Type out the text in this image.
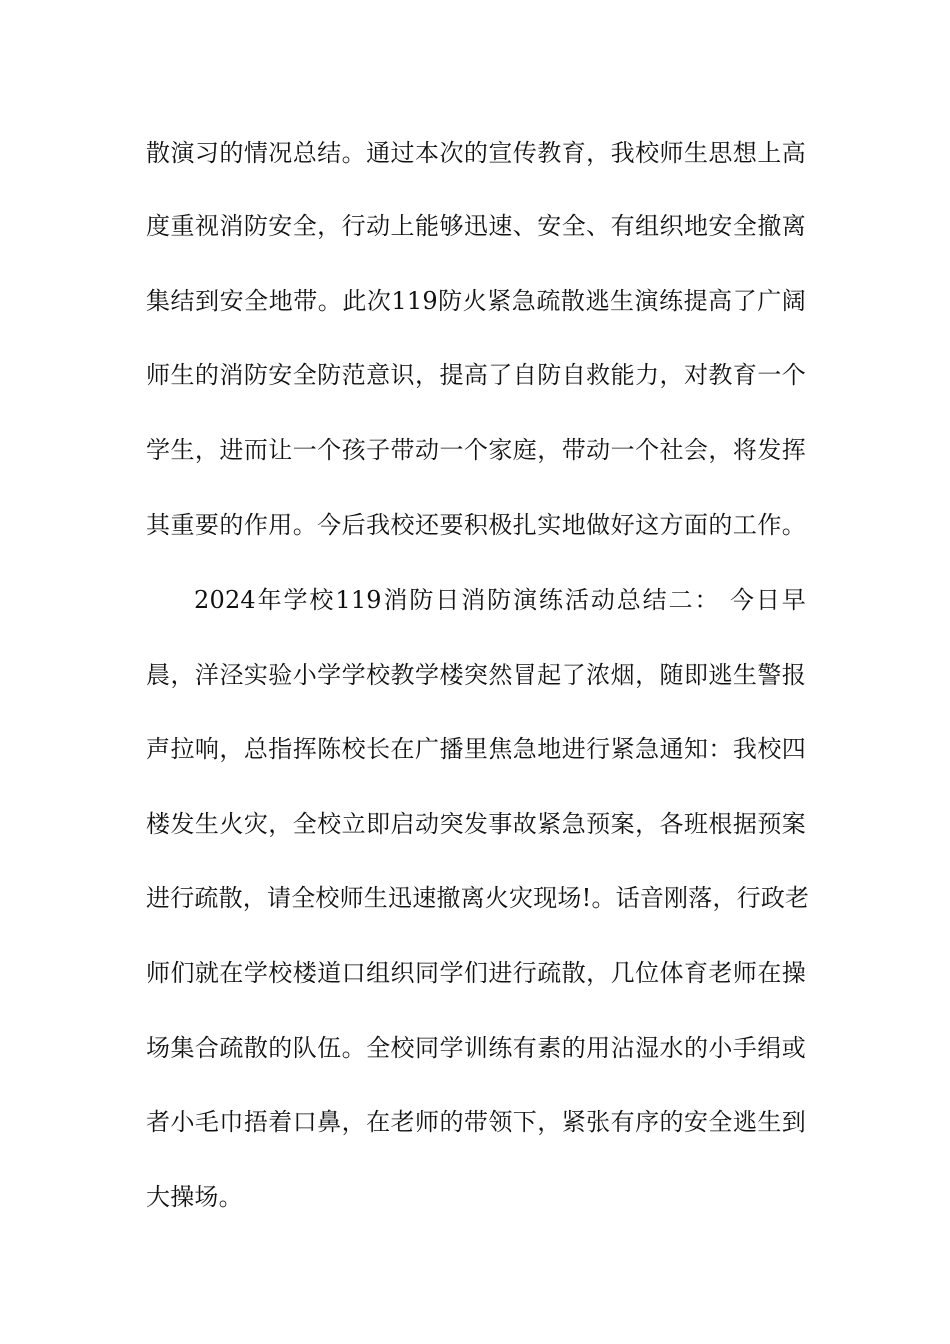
散演习的情况总结。通过本次的宣传教育，我校师生思想上高
度重视消防安全，行动上能够迅速、安全、有组织地安全撤离
集结到安全地带。此次119防火紧急疏散逃生演练提高了广阔
师生的消防安全防范意识，提高了自防自救能力，对教育一个
学生，进而让一个孩子带动一个家庭，带动一个社会，将发挥
其重要的作用。今后我校还要积极扎实地做好这方面的工作。
2024年学校119消防日消防演练活动总结二： 今日早
晨，洋泾实验小学学校教学楼突然冒起了浓烟，随即逃生警报
声拉响，总指挥陈校长在广播里焦急地进行紧急通知：我校四
楼发生火灾，全校立即启动突发事故紧急预案，各班根据预案
进行疏散，请全校师生迅速撤离火灾现场!。话音刚落，行政老
师们就在学校楼道口组织同学们进行疏散，几位体育老师在操
场集合疏散的队伍。全校同学训练有素的用沾湿水的小手绢或
者小毛巾捂着口鼻，在老师的带领下，紧张有序的安全逃生到
大操场。
